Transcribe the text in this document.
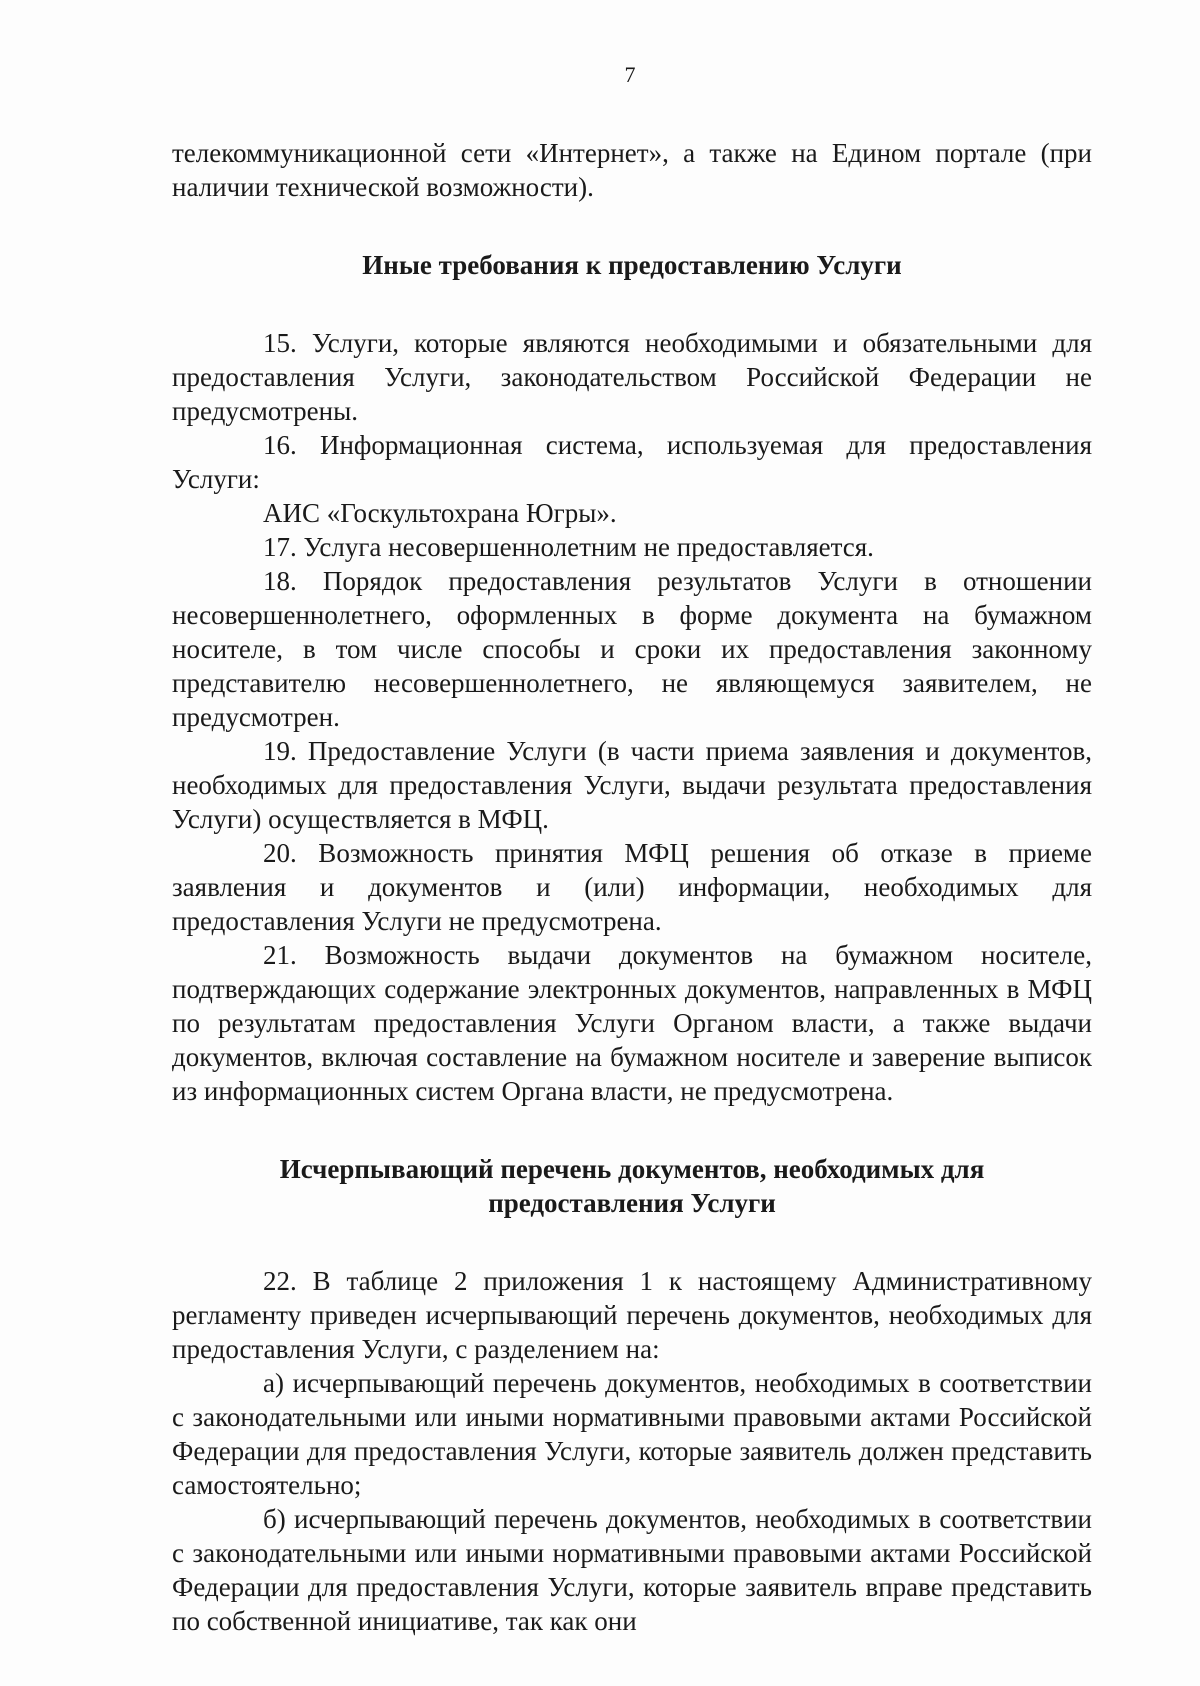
7

телекоммуникационной сети «Интернет», а также на Едином портале (при наличии технической возможности).

Иные требования к предоставлению Услуги

15. Услуги, которые являются необходимыми и обязательными для предоставления Услуги, законодательством Российской Федерации не предусмотрены.

16. Информационная система, используемая для предоставления Услуги:

АИС «Госкультохрана Югры».

17. Услуга несовершеннолетним не предоставляется.

18. Порядок предоставления результатов Услуги в отношении несовершеннолетнего, оформленных в форме документа на бумажном носителе, в том числе способы и сроки их предоставления законному представителю несовершеннолетнего, не являющемуся заявителем, не предусмотрен.

19. Предоставление Услуги (в части приема заявления и документов, необходимых для предоставления Услуги, выдачи результата предоставления Услуги) осуществляется в МФЦ.

20. Возможность принятия МФЦ решения об отказе в приеме заявления и документов и (или) информации, необходимых для предоставления Услуги не предусмотрена.

21. Возможность выдачи документов на бумажном носителе, подтверждающих содержание электронных документов, направленных в МФЦ по результатам предоставления Услуги Органом власти, а также выдачи документов, включая составление на бумажном носителе и заверение выписок из информационных систем Органа власти, не предусмотрена.

Исчерпывающий перечень документов, необходимых для

предоставления Услуги

22. В таблице 2 приложения 1 к настоящему Административному регламенту приведен исчерпывающий перечень документов, необходимых для предоставления Услуги, с разделением на:

а) исчерпывающий перечень документов, необходимых в соответствии с законодательными или иными нормативными правовыми актами Российской Федерации для предоставления Услуги, которые заявитель должен представить самостоятельно;

б) исчерпывающий перечень документов, необходимых в соответствии с законодательными или иными нормативными правовыми актами Российской Федерации для предоставления Услуги, которые заявитель вправе представить по собственной инициативе, так как они
